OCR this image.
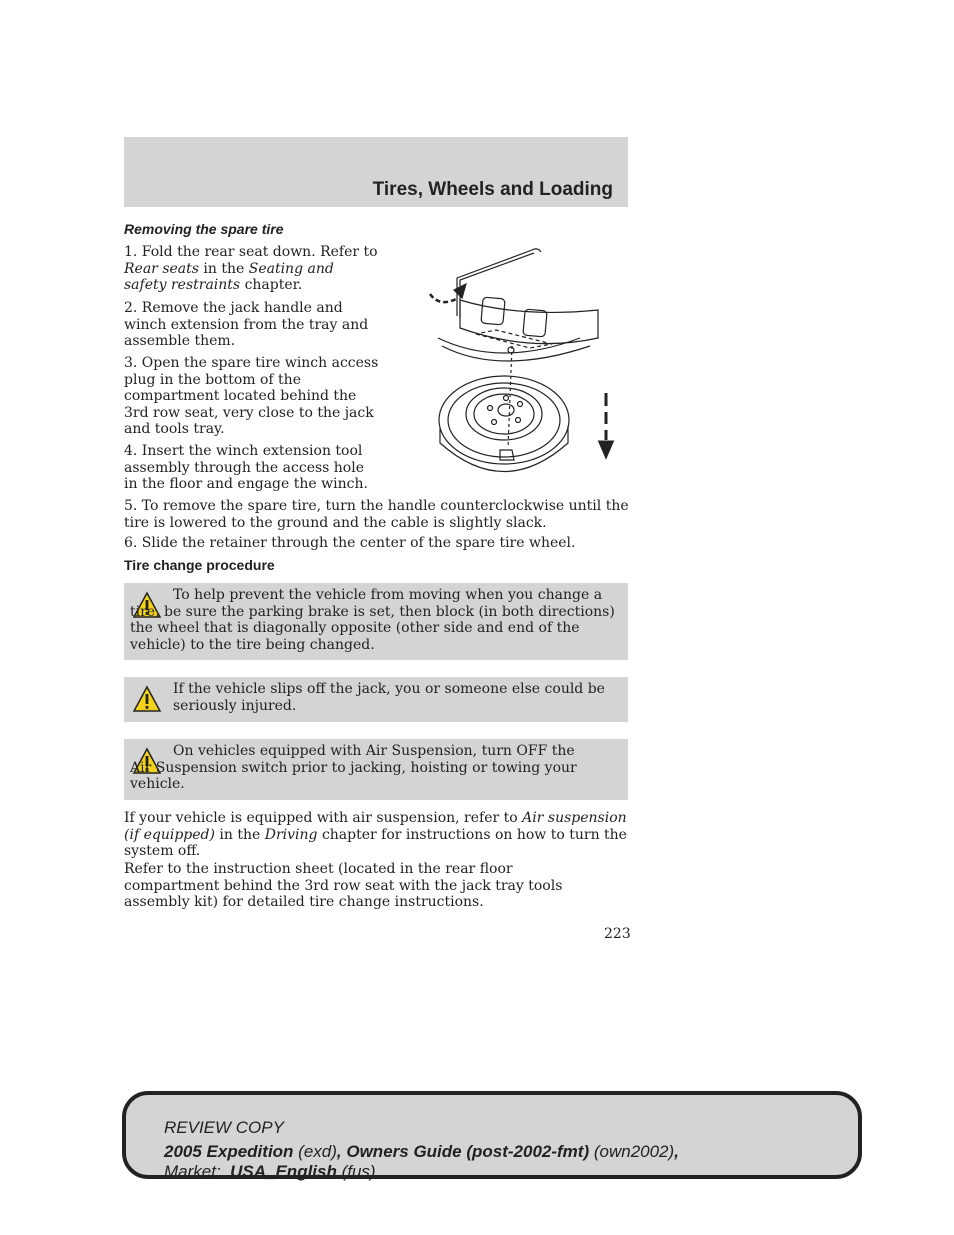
Tires, Wheels and Loading
Removing the spare tire
1. Fold the rear seat down. Refer to Rear seats in the Seating and safety restraints chapter.
2. Remove the jack handle and winch extension from the tray and assemble them.
3. Open the spare tire winch access plug in the bottom of the compartment located behind the 3rd row seat, very close to the jack and tools tray.
4. Insert the winch extension tool assembly through the access hole in the floor and engage the winch.
5. To remove the spare tire, turn the handle counterclockwise until the tire is lowered to the ground and the cable is slightly slack.
6. Slide the retainer through the center of the spare tire wheel.
Tire change procedure
To help prevent the vehicle from moving when you change a tire, be sure the parking brake is set, then block (in both directions) the wheel that is diagonally opposite (other side and end of the vehicle) to the tire being changed.
If the vehicle slips off the jack, you or someone else could be seriously injured.
On vehicles equipped with Air Suspension, turn OFF the Air Suspension switch prior to jacking, hoisting or towing your vehicle.
If your vehicle is equipped with air suspension, refer to Air suspension (if equipped) in the Driving chapter for instructions on how to turn the system off.
Refer to the instruction sheet (located in the rear floor compartment behind the 3rd row seat with the jack tray tools assembly kit) for detailed tire change instructions.
223
REVIEW COPY
2005 Expedition (exd), Owners Guide (post-2002-fmt) (own2002),
Market:  USA_English (fus)
